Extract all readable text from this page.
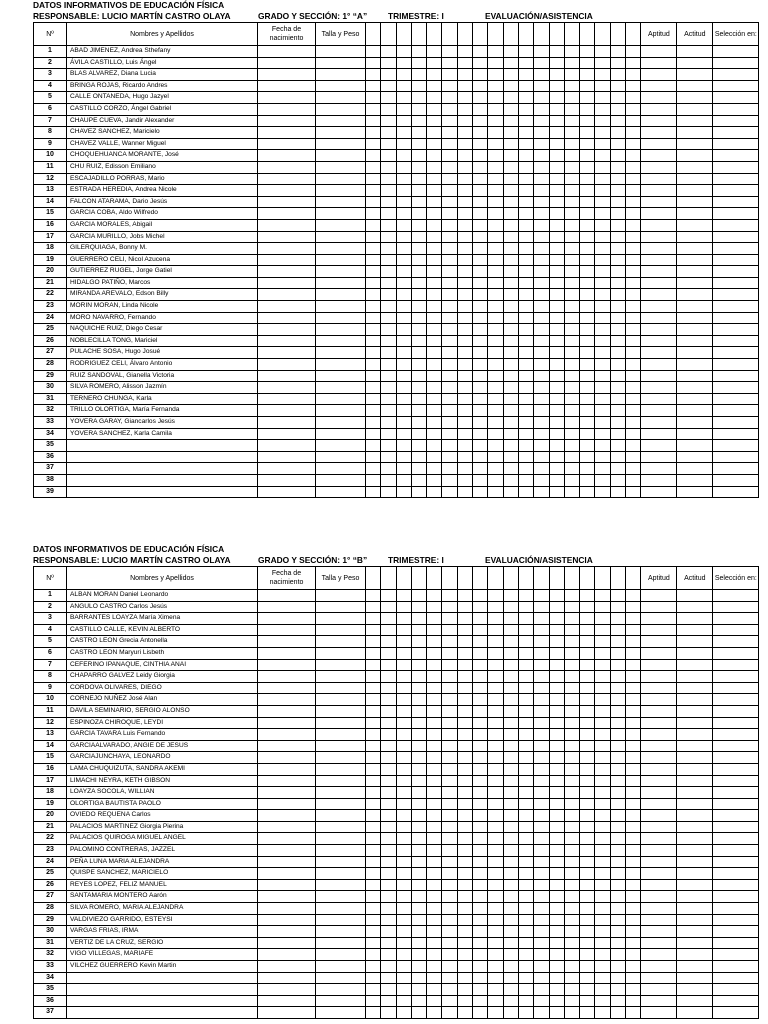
DATOS INFORMATIVOS DE EDUCACIÓN FÍSICA
RESPONSABLE: LUCIO MARTÍN CASTRO OLAYA	GRADO Y SECCIÓN: 1° “A” TRIMESTRE: I	EVALUACIÓN/ASISTENCIA
Nº	Nombres y Apellidos	Fecha de nacimiento	Talla y Peso																			Aptitud	Actitud	Selección en:
1	ABAD JIMENEZ, Andrea Sthefany																							
2	ÁVILA CASTILLO, Luis Ángel																							
3	BLAS ALVAREZ, Diana Lucia																							
4	BRINGA ROJAS, Ricardo Andres																							
5	CALLE ONTANEDA, Hugo Jazyel																							
6	CASTILLO CORZO, Ángel Gabriel																							
7	CHAUPE CUEVA, Jandir Alexander																							
8	CHAVEZ SANCHEZ, Maricielo																							
9	CHAVEZ VALLE, Wanner Miguel																							
10	CHOQUEHUANCA MORANTE, José																							
11	CHU RUIZ, Edisson Emiliano																							
12	ESCAJADILLO PORRAS, Mario																							
13	ESTRADA HEREDIA, Andrea Nicole																							
14	FALCON ATARAMA, Dario Jesús																							
15	GARCIA COBA, Aldo Wilfredo																							
16	GARCIA MORALES, Abigail																							
17	GARCIA MURILLO, Jobs Michel																							
18	GILERQUIAGA, Bonny M.																							
19	GUERRERO CELI, Nicol Azucena																							
20	GUTIERREZ RUGEL, Jorge Gatiel																							
21	HIDALGO PATIÑO, Marcos																							
22	MIRANDA AREVALO, Edson Billy																							
23	MORIN MORAN, Linda Nicole																							
24	MORO NAVARRO, Fernando																							
25	NAQUICHE RUIZ, Diego Cesar																							
26	NOBLECILLA TONG, Mariciel																							
27	PULACHE SOSA, Hugo Josué																							
28	RODRIGUEZ CELI, Álvaro Antonio																							
29	RUIZ SANDOVAL, Gianella Victoria																							
30	SILVA ROMERO, Alisson Jazmín																							
31	TERNERO CHUNGA, Karla																							
32	TRILLO OLORTIGA, María Fernanda																							
33	YOVERA GARAY, Giancarlos Jesús																							
34	YOVERA SANCHEZ, Karla Camila																							
35																								
36																								
37																								
38																								
39																								
DATOS INFORMATIVOS DE EDUCACIÓN FÍSICA
RESPONSABLE: LUCIO MARTÍN CASTRO OLAYA	GRADO Y SECCIÓN: 1° “B” TRIMESTRE: I	EVALUACIÓN/ASISTENCIA
Nº	Nombres y Apellidos	Fecha de nacimiento	Talla y Peso																			Aptitud	Actitud	Selección en:
1	ALBAN MORAN Daniel Leonardo																							
2	ANGULO CASTRO Carlos Jesús																							
3	BARRANTES LOAYZA María Ximena																							
4	CASTILLO CALLE, KEVIN ALBERTO																							
5	CASTRO LEON Grecia Antonella																							
6	CASTRO LEON Maryuri Lisbeth																							
7	CEFERINO IPANAQUE, CINTHIA ANAI																							
8	CHAPARRO GALVEZ Leidy Giorgia																							
9	CORDOVA OLIVARES, DIEGO																							
10	CORNEJO NUÑEZ José Alan																							
11	DAVILA SEMINARIO, SERGIO ALONSO																							
12	ESPINOZA CHIROQUE, LEYDI																							
13	GARCIA TAVARA Luis Fernando																							
14	GARCIAALVARADO, ANGIE DE JESUS																							
15	GARCIAJUNCHAYA, LEONARDO																							
16	LAMA CHUQUIZUTA, SANDRA AKEMI																							
17	LIMACHI NEYRA, KETH GIBSON																							
18	LOAYZA SOCOLA, WILLIAN																							
19	OLORTIGA BAUTISTA PAOLO																							
20	OVIEDO REQUENA Carlos																							
21	PALACIOS MARTINEZ Giorgia Pierina																							
22	PALACIOS QUIROGA MIGUEL ANGEL																							
23	PALOMINO CONTRERAS, JAZZEL																							
24	PEÑA LUNA MARIA ALEJANDRA																							
25	QUISPE SANCHEZ, MARICIELO																							
26	REYES LOPEZ, FELIZ MANUEL																							
27	SANTAMARIA MONTERO Aarón																							
28	SILVA ROMERO, MARIA ALEJANDRA																							
29	VALDIVIEZO GARRIDO, ESTEYSI																							
30	VARGAS FRIAS, IRMA																							
31	VERTIZ DE LA CRUZ, SERGIO																							
32	VIGO VILLEGAS, MARIAFE																							
33	VILCHEZ GUERRERO Kevin Martin																							
34																								
35																								
36																								
37																								
